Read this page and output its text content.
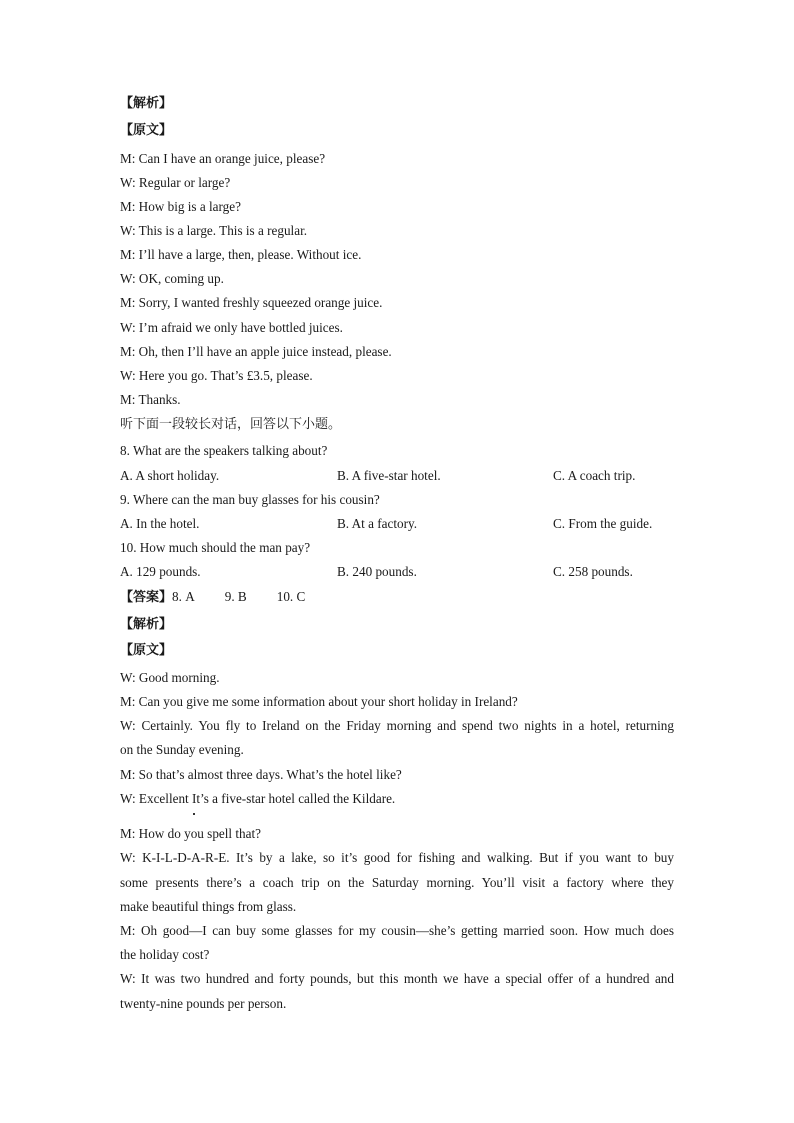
【解析】
【原文】
M: Can I have an orange juice, please?
W: Regular or large?
M: How big is a large?
W: This is a large. This is a regular.
M: I’ll have a large, then, please. Without ice.
W: OK, coming up.
M: Sorry, I wanted freshly squeezed orange juice.
W: I’m afraid we only have bottled juices.
M: Oh, then I’ll have an apple juice instead, please.
W: Here you go. That’s £3.5, please.
M: Thanks.
听下面一段较长对话，回答以下小题。
8. What are the speakers talking about?
A. A short holiday.	B. A five-star hotel.	C. A coach trip.
9. Where can the man buy glasses for his cousin?
A. In the hotel.	B. At a factory.	C. From the guide.
10. How much should the man pay?
A. 129 pounds.	B. 240 pounds.	C. 258 pounds.
【答案】8. A 9. B 10. C
【解析】
【原文】
W: Good morning.
M: Can you give me some information about your short holiday in Ireland?
W: Certainly. You fly to Ireland on the Friday morning and spend two nights in a hotel, returning
on the Sunday evening.
M: So that’s almost three days. What’s the hotel like?
W: Excellent It’s a five-star hotel called the Kildare.
M: How do you spell that?
W: K-I-L-D-A-R-E. It’s by a lake, so it’s good for fishing and walking. But if you want to buy
some presents there’s a coach trip on the Saturday morning. You’ll visit a factory where they
make beautiful things from glass.
M: Oh good—I can buy some glasses for my cousin—she’s getting married soon. How much does
the holiday cost?
W: It was two hundred and forty pounds, but this month we have a special offer of a hundred and
twenty-nine pounds per person.
